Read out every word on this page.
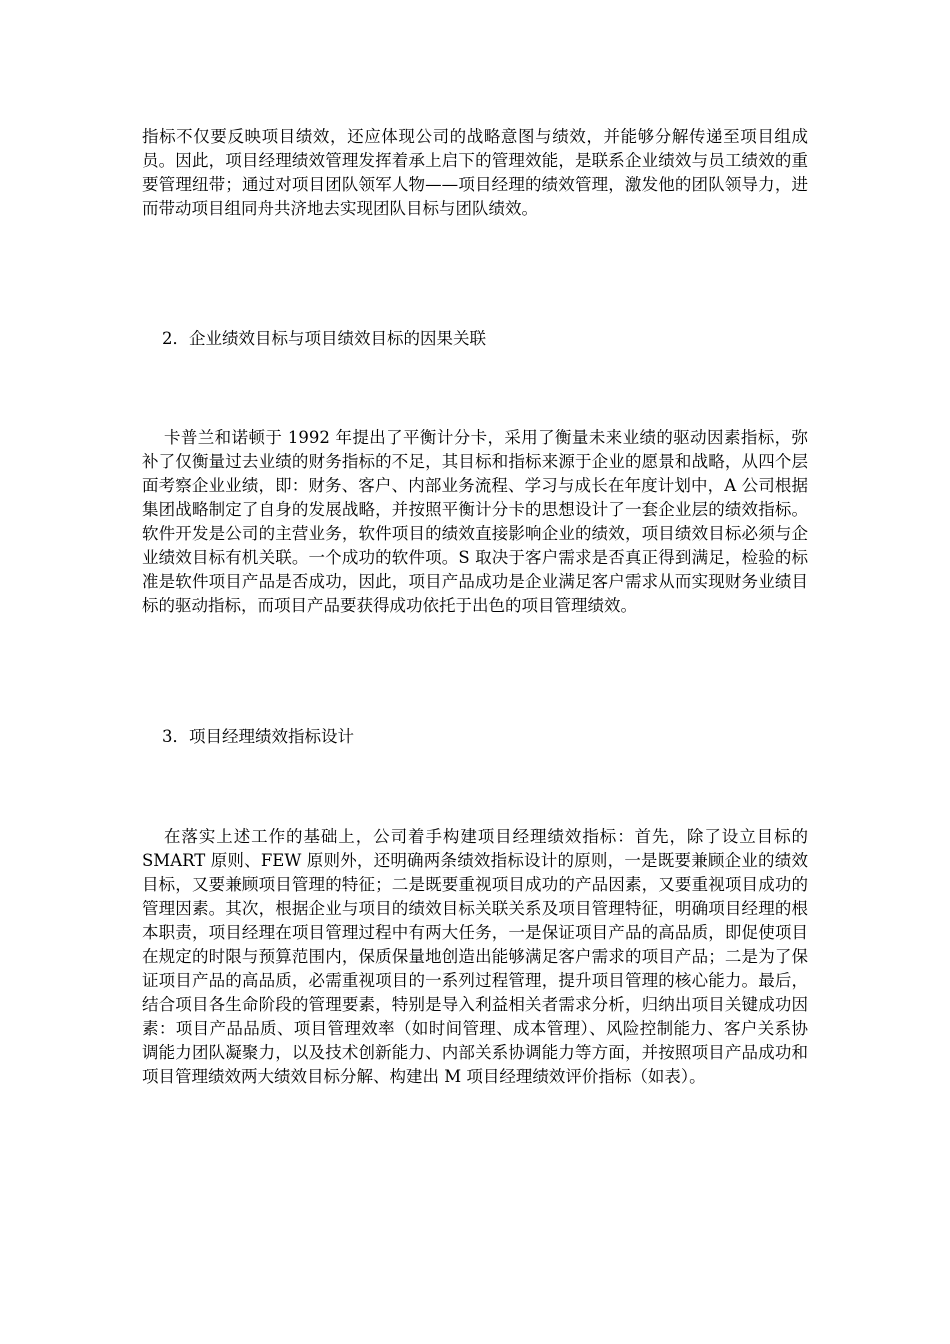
指标不仅要反映项目绩效，还应体现公司的战略意图与绩效，并能够分解传递至项目组成员。因此，项目经理绩效管理发挥着承上启下的管理效能，是联系企业绩效与员工绩效的重要管理纽带；通过对项目团队领军人物——项目经理的绩效管理，激发他的团队领导力，进而带动项目组同舟共济地去实现团队目标与团队绩效。

2．企业绩效目标与项目绩效目标的因果关联

卡普兰和诺顿于 1992 年提出了平衡计分卡，采用了衡量未来业绩的驱动因素指标，弥补了仅衡量过去业绩的财务指标的不足，其目标和指标来源于企业的愿景和战略，从四个层面考察企业业绩，即：财务、客户、内部业务流程、学习与成长在年度计划中，A 公司根据集团战略制定了自身的发展战略，并按照平衡计分卡的思想设计了一套企业层的绩效指标。软件开发是公司的主营业务，软件项目的绩效直接影响企业的绩效，项目绩效目标必须与企业绩效目标有机关联。一个成功的软件项。S 取决于客户需求是否真正得到满足，检验的标准是软件项目产品是否成功，因此，项目产品成功是企业满足客户需求从而实现财务业绩目标的驱动指标，而项目产品要获得成功依托于出色的项目管理绩效。

3．项目经理绩效指标设计

在落实上述工作的基础上，公司着手构建项目经理绩效指标：首先，除了设立目标的 SMART 原则、FEW 原则外，还明确两条绩效指标设计的原则，一是既要兼顾企业的绩效目标，又要兼顾项目管理的特征；二是既要重视项目成功的产品因素，又要重视项目成功的管理因素。其次，根据企业与项目的绩效目标关联关系及项目管理特征，明确项目经理的根本职责，项目经理在项目管理过程中有两大任务，一是保证项目产品的高品质，即促使项目在规定的时限与预算范围内，保质保量地创造出能够满足客户需求的项目产品；二是为了保证项目产品的高品质，必需重视项目的一系列过程管理，提升项目管理的核心能力。最后，结合项目各生命阶段的管理要素，特别是导入利益相关者需求分析，归纳出项目关键成功因素：项目产品品质、项目管理效率（如时间管理、成本管理）、风险控制能力、客户关系协调能力团队凝聚力，以及技术创新能力、内部关系协调能力等方面，并按照项目产品成功和项目管理绩效两大绩效目标分解、构建出 M 项目经理绩效评价指标（如表）。
